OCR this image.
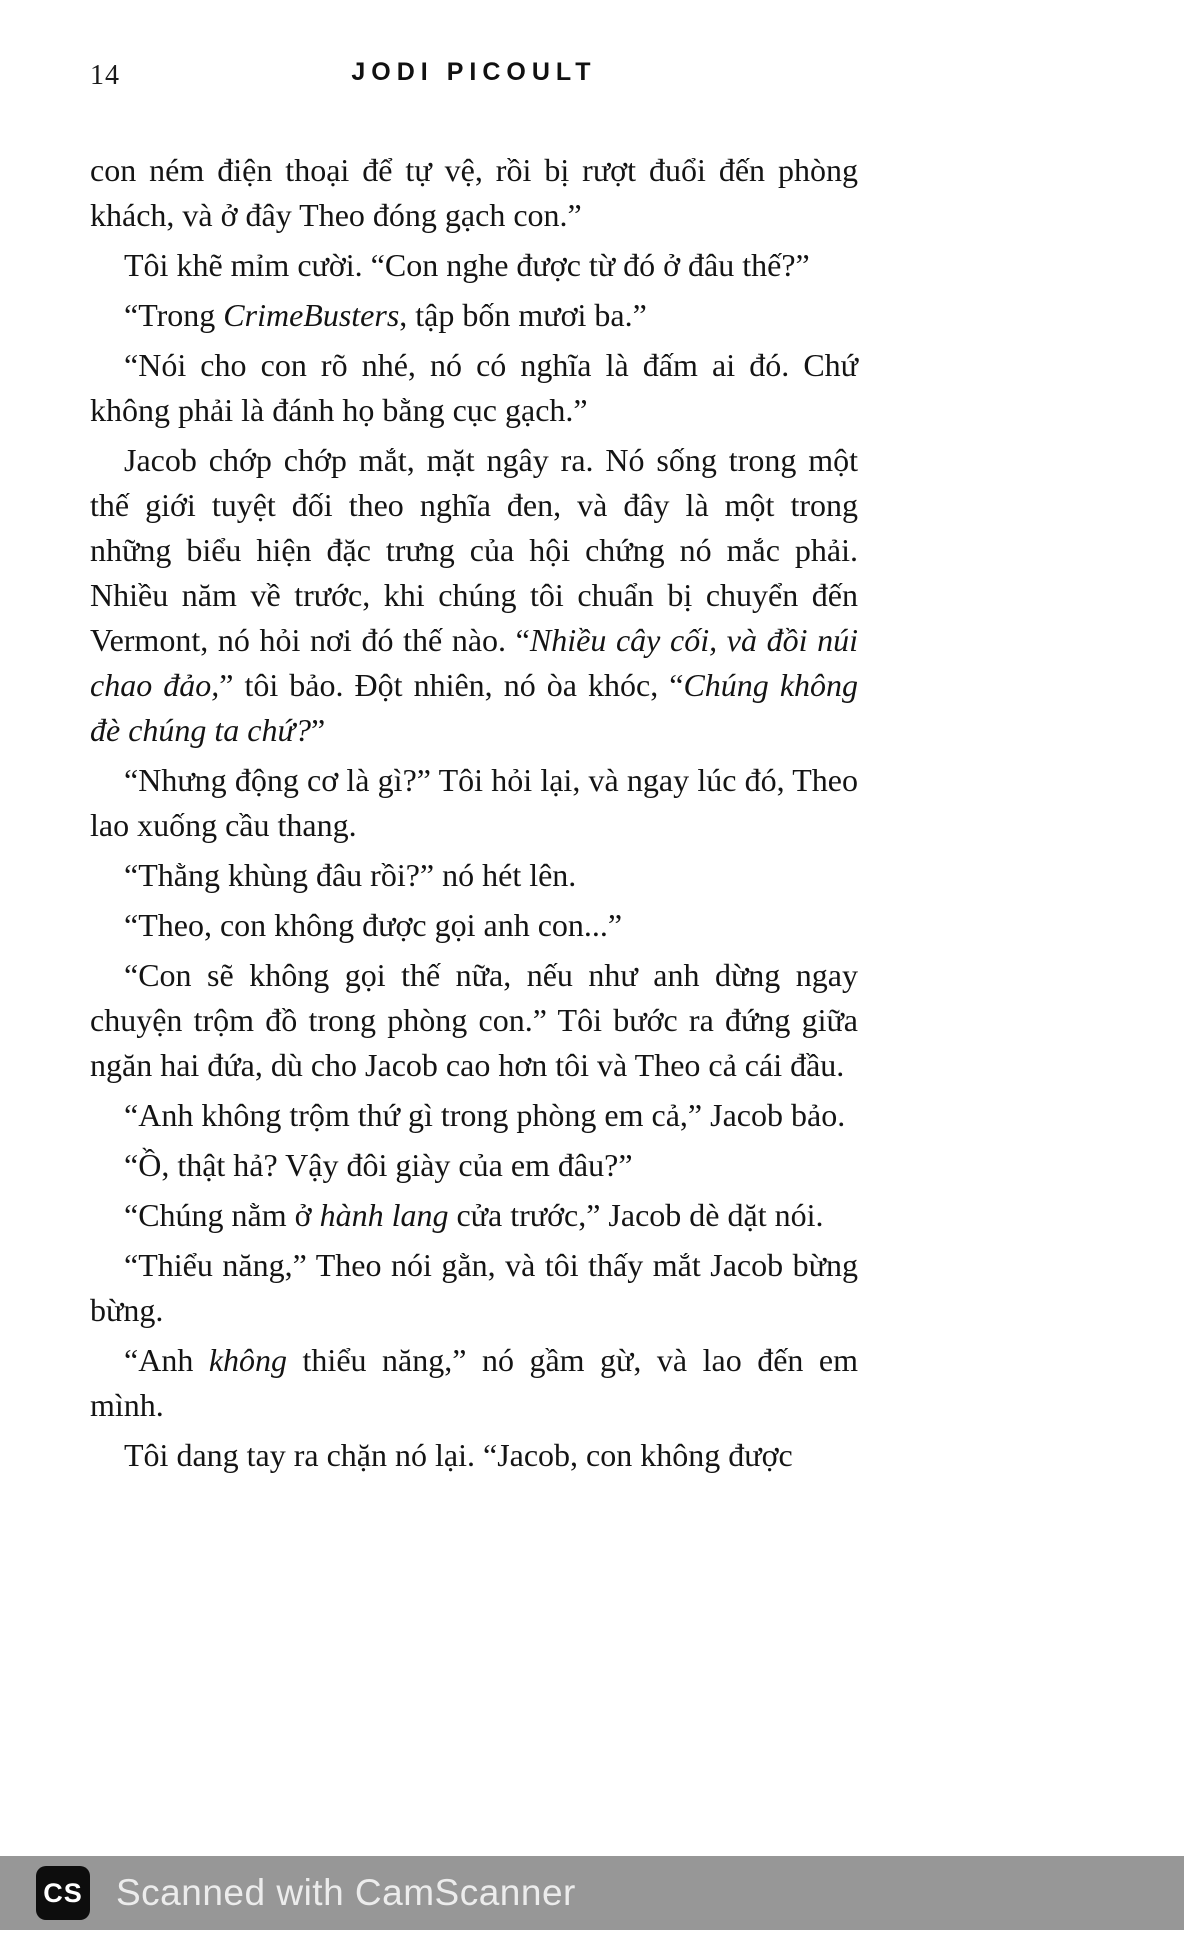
14	JODI PICOULT

con ném điện thoại để tự vệ, rồi bị rượt đuổi đến phòng khách, và ở đây Theo đóng gạch con.”

Tôi khẽ mỉm cười. “Con nghe được từ đó ở đâu thế?”

“Trong CrimeBusters, tập bốn mươi ba.”

“Nói cho con rõ nhé, nó có nghĩa là đấm ai đó. Chứ không phải là đánh họ bằng cục gạch.”

Jacob chớp chớp mắt, mặt ngây ra. Nó sống trong một thế giới tuyệt đối theo nghĩa đen, và đây là một trong những biểu hiện đặc trưng của hội chứng nó mắc phải. Nhiều năm về trước, khi chúng tôi chuẩn bị chuyển đến Vermont, nó hỏi nơi đó thế nào. “Nhiều cây cối, và đồi núi chao đảo,” tôi bảo. Đột nhiên, nó òa khóc, “Chúng không đè chúng ta chứ?”

“Nhưng động cơ là gì?” Tôi hỏi lại, và ngay lúc đó, Theo lao xuống cầu thang.

“Thằng khùng đâu rồi?” nó hét lên.

“Theo, con không được gọi anh con...”

“Con sẽ không gọi thế nữa, nếu như anh dừng ngay chuyện trộm đồ trong phòng con.” Tôi bước ra đứng giữa ngăn hai đứa, dù cho Jacob cao hơn tôi và Theo cả cái đầu.

“Anh không trộm thứ gì trong phòng em cả,” Jacob bảo.

“Ồ, thật hả? Vậy đôi giày của em đâu?”

“Chúng nằm ở hành lang cửa trước,” Jacob dè dặt nói.

“Thiểu năng,” Theo nói gằn, và tôi thấy mắt Jacob bừng bừng.

“Anh không thiểu năng,” nó gầm gừ, và lao đến em mình.

Tôi dang tay ra chặn nó lại. “Jacob, con không được

CS Scanned with CamScanner
